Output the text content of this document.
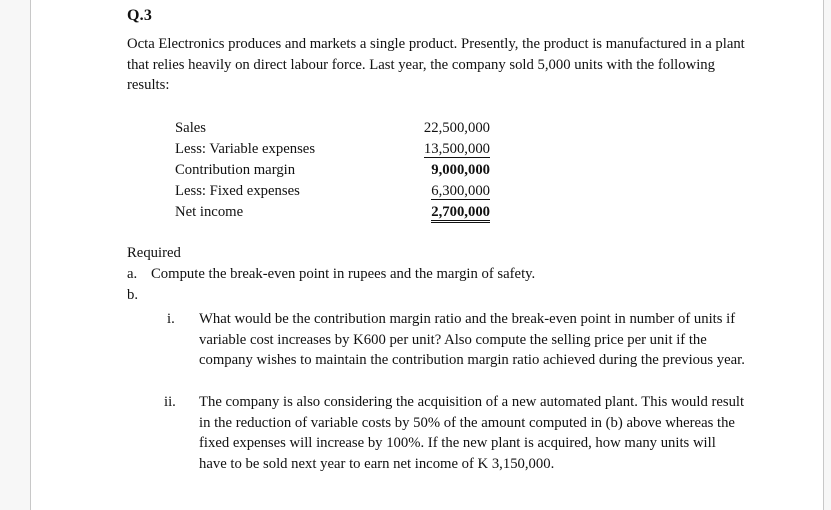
Q.3

Octa Electronics produces and markets a single product. Presently, the product is manufactured in a plant that relies heavily on direct labour force. Last year, the company sold 5,000 units with the following results:

Sales	22,500,000
Less: Variable expenses	13,500,000
Contribution margin	9,000,000
Less: Fixed expenses	6,300,000
Net income	2,700,000

Required

a. Compute the break-even point in rupees and the margin of safety.

b.

i.	What would be the contribution margin ratio and the break-even point in number of units if variable cost increases by K600 per unit? Also compute the selling price per unit if the company wishes to maintain the contribution margin ratio achieved during the previous year.
ii.	The company is also considering the acquisition of a new automated plant. This would result in the reduction of variable costs by 50% of the amount computed in (b) above whereas the fixed expenses will increase by 100%. If the new plant is acquired, how many units will have to be sold next year to earn net income of K 3,150,000.
